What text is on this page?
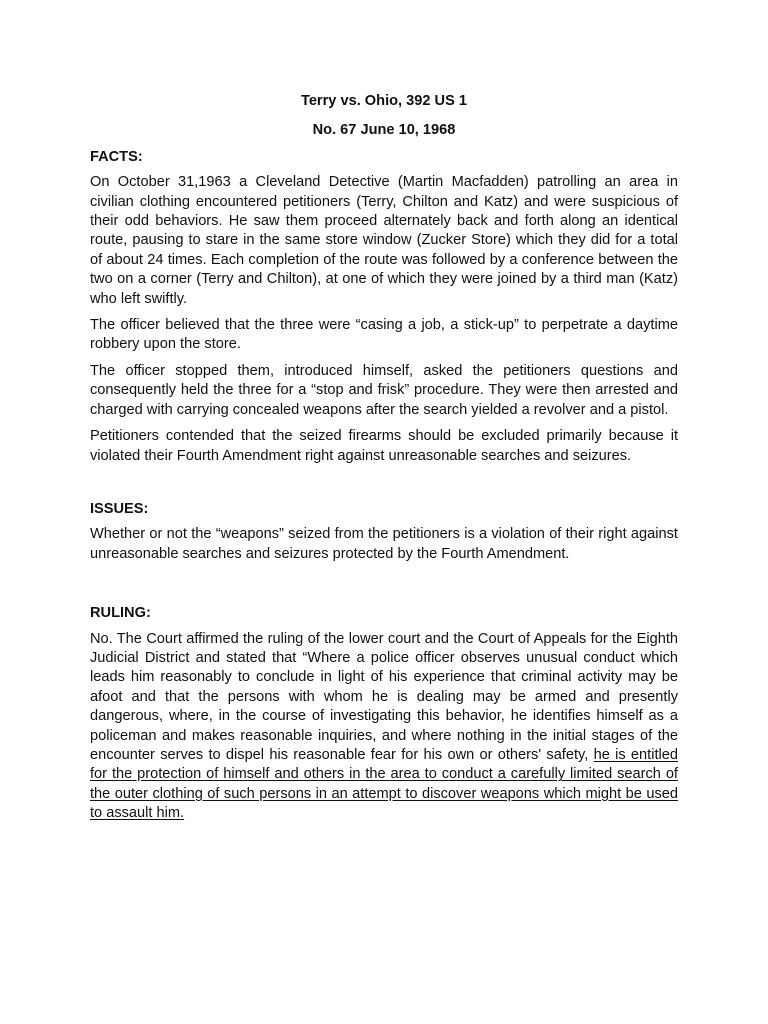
Terry vs. Ohio, 392 US 1

No. 67 June 10, 1968

FACTS:

On October 31,1963 a Cleveland Detective (Martin Macfadden) patrolling an area in civilian clothing encountered petitioners (Terry, Chilton and Katz) and were suspicious of their odd behaviors. He saw them proceed alternately back and forth along an identical route, pausing to stare in the same store window (Zucker Store) which they did for a total of about 24 times. Each completion of the route was followed by a conference between the two on a corner (Terry and Chilton), at one of which they were joined by a third man (Katz) who left swiftly.

The officer believed that the three were “casing a job, a stick-up” to perpetrate a daytime robbery upon the store.

The officer stopped them, introduced himself, asked the petitioners questions and consequently held the three for a “stop and frisk” procedure. They were then arrested and charged with carrying concealed weapons after the search yielded a revolver and a pistol.

Petitioners contended that the seized firearms should be excluded primarily because it violated their Fourth Amendment right against unreasonable searches and seizures.

ISSUES:

Whether or not the “weapons” seized from the petitioners is a violation of their right against unreasonable searches and seizures protected by the Fourth Amendment.

RULING:

No. The Court affirmed the ruling of the lower court and the Court of Appeals for the Eighth Judicial District and stated that “Where a police officer observes unusual conduct which leads him reasonably to conclude in light of his experience that criminal activity may be afoot and that the persons with whom he is dealing may be armed and presently dangerous, where, in the course of investigating this behavior, he identifies himself as a policeman and makes reasonable inquiries, and where nothing in the initial stages of the encounter serves to dispel his reasonable fear for his own or others' safety, he is entitled for the protection of himself and others in the area to conduct a carefully limited search of the outer clothing of such persons in an attempt to discover weapons which might be used to assault him.
